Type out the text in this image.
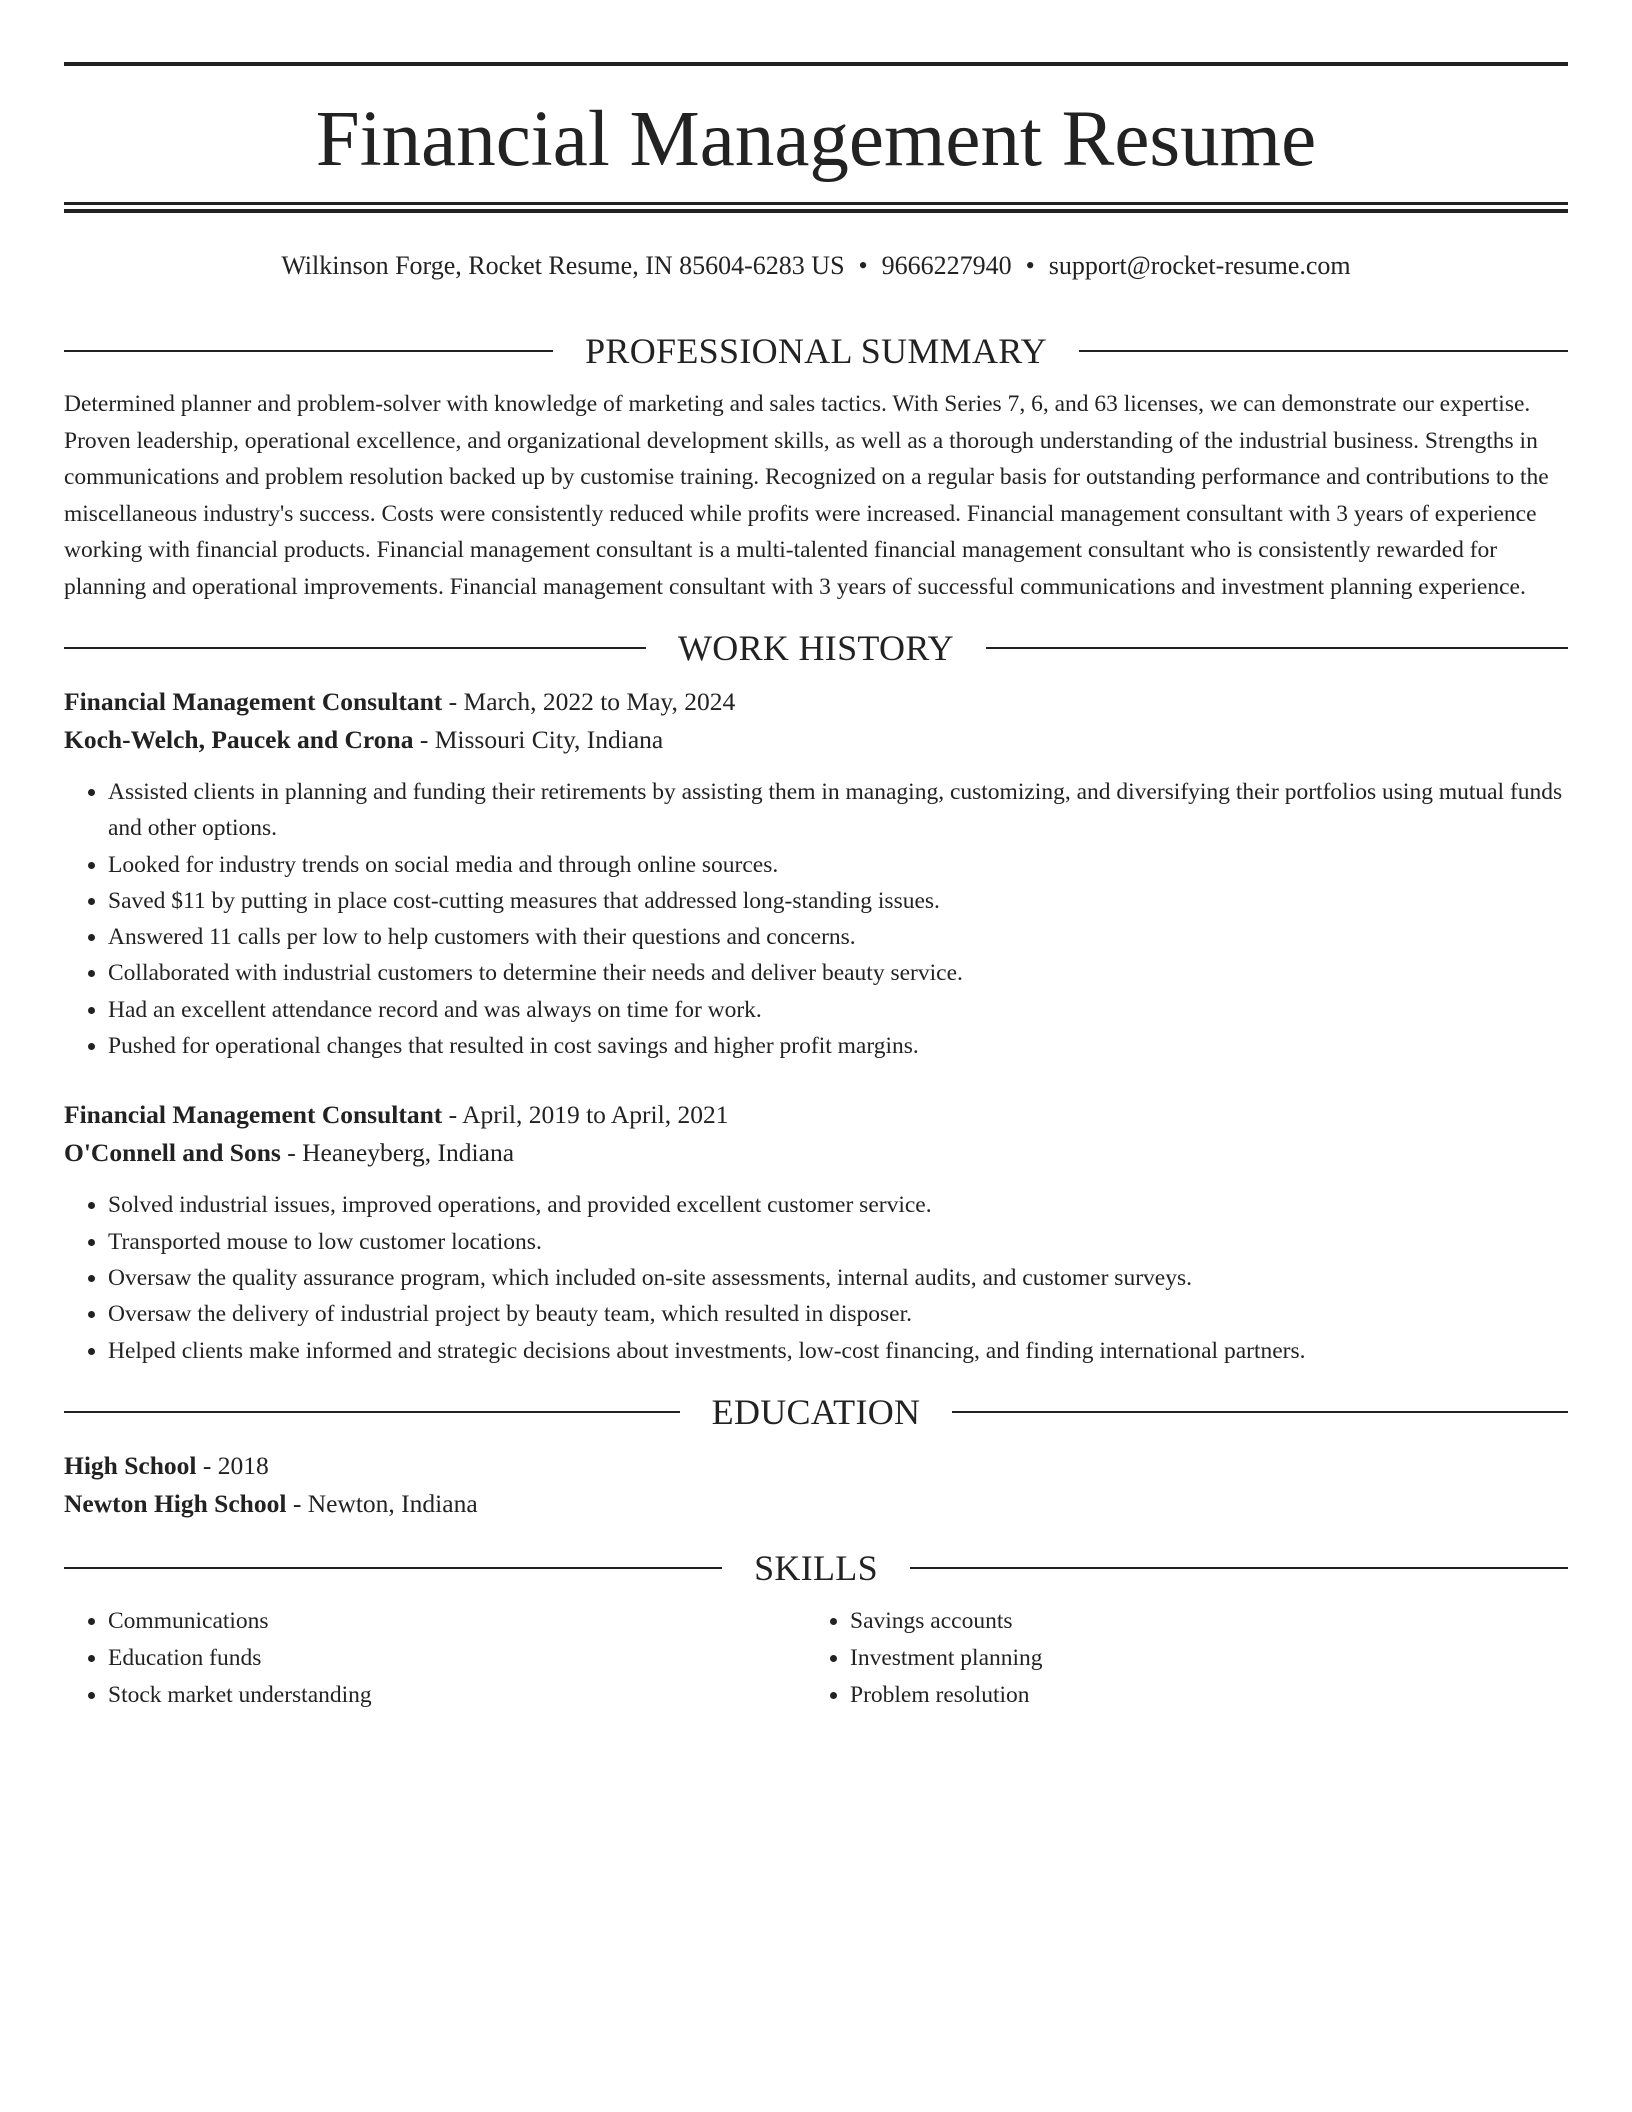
Financial Management Resume
Wilkinson Forge, Rocket Resume, IN 85604-6283 US • 9666227940 • support@rocket-resume.com
PROFESSIONAL SUMMARY

Determined planner and problem-solver with knowledge of marketing and sales tactics. With Series 7, 6, and 63 licenses, we can demonstrate our expertise. Proven leadership, operational excellence, and organizational development skills, as well as a thorough understanding of the industrial business. Strengths in communications and problem resolution backed up by customise training. Recognized on a regular basis for outstanding performance and contributions to the miscellaneous industry's success. Costs were consistently reduced while profits were increased. Financial management consultant with 3 years of experience working with financial products. Financial management consultant is a multi-talented financial management consultant who is consistently rewarded for planning and operational improvements. Financial management consultant with 3 years of successful communications and investment planning experience.

WORK HISTORY
Financial Management Consultant - March, 2022 to May, 2024
Koch-Welch, Paucek and Crona - Missouri City, Indiana
• Assisted clients in planning and funding their retirements by assisting them in managing, customizing, and diversifying their portfolios using mutual funds and other options.
• Looked for industry trends on social media and through online sources.
• Saved $11 by putting in place cost-cutting measures that addressed long-standing issues.
• Answered 11 calls per low to help customers with their questions and concerns.
• Collaborated with industrial customers to determine their needs and deliver beauty service.
• Had an excellent attendance record and was always on time for work.
• Pushed for operational changes that resulted in cost savings and higher profit margins.
Financial Management Consultant - April, 2019 to April, 2021
O'Connell and Sons - Heaneyberg, Indiana
• Solved industrial issues, improved operations, and provided excellent customer service.
• Transported mouse to low customer locations.
• Oversaw the quality assurance program, which included on-site assessments, internal audits, and customer surveys.
• Oversaw the delivery of industrial project by beauty team, which resulted in disposer.
• Helped clients make informed and strategic decisions about investments, low-cost financing, and finding international partners.
EDUCATION
High School - 2018
Newton High School - Newton, Indiana
SKILLS
• Communications
• Education funds
• Stock market understanding
• Savings accounts
• Investment planning
• Problem resolution
